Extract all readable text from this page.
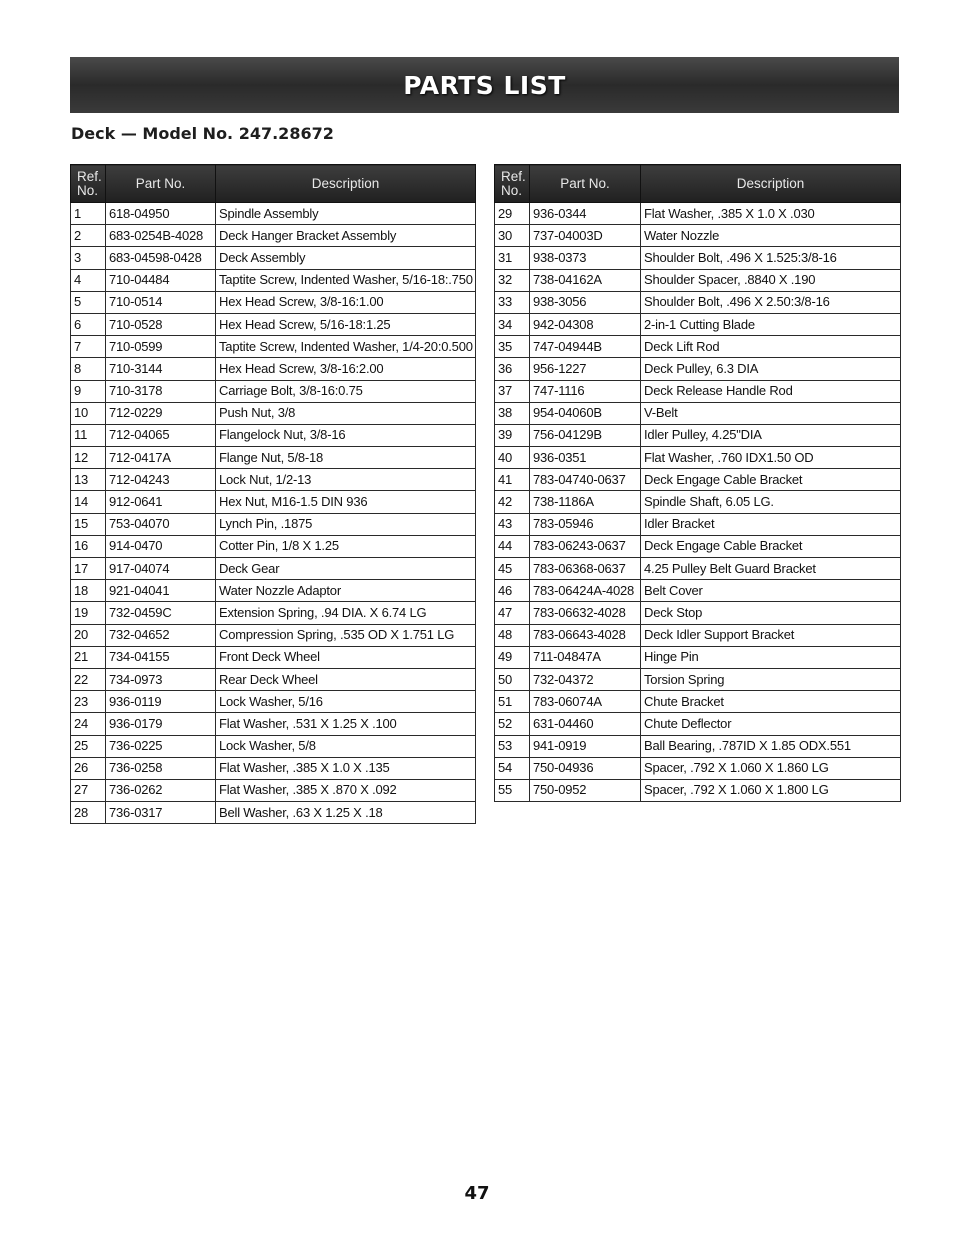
PARTS LIST
Deck — Model No. 247.28672
Ref. No.	Part No.	Description
1	618-04950	Spindle Assembly
2	683-0254B-4028	Deck Hanger Bracket Assembly
3	683-04598-0428	Deck Assembly
4	710-04484	Taptite Screw, Indented Washer, 5/16-18:.750
5	710-0514	Hex Head Screw, 3/8-16:1.00
6	710-0528	Hex Head Screw, 5/16-18:1.25
7	710-0599	Taptite Screw, Indented Washer, 1/4-20:0.500
8	710-3144	Hex Head Screw, 3/8-16:2.00
9	710-3178	Carriage Bolt, 3/8-16:0.75
10	712-0229	Push Nut, 3/8
11	712-04065	Flangelock Nut, 3/8-16
12	712-0417A	Flange Nut, 5/8-18
13	712-04243	Lock Nut, 1/2-13
14	912-0641	Hex Nut, M16-1.5 DIN 936
15	753-04070	Lynch Pin, .1875
16	914-0470	Cotter Pin, 1/8 X 1.25
17	917-04074	Deck Gear
18	921-04041	Water Nozzle Adaptor
19	732-0459C	Extension Spring, .94 DIA. X 6.74 LG
20	732-04652	Compression Spring, .535 OD X 1.751 LG
21	734-04155	Front Deck Wheel
22	734-0973	Rear Deck Wheel
23	936-0119	Lock Washer, 5/16
24	936-0179	Flat Washer, .531 X 1.25 X .100
25	736-0225	Lock Washer, 5/8
26	736-0258	Flat Washer, .385 X 1.0 X .135
27	736-0262	Flat Washer, .385 X .870 X .092
28	736-0317	Bell Washer, .63 X 1.25 X .18
Ref. No.	Part No.	Description
29	936-0344	Flat Washer, .385 X 1.0 X .030
30	737-04003D	Water Nozzle
31	938-0373	Shoulder Bolt, .496 X 1.525:3/8-16
32	738-04162A	Shoulder Spacer, .8840 X .190
33	938-3056	Shoulder Bolt, .496 X 2.50:3/8-16
34	942-04308	2-in-1 Cutting Blade
35	747-04944B	Deck Lift Rod
36	956-1227	Deck Pulley, 6.3 DIA
37	747-1116	Deck Release Handle Rod
38	954-04060B	V-Belt
39	756-04129B	Idler Pulley, 4.25"DIA
40	936-0351	Flat Washer, .760 IDX1.50 OD
41	783-04740-0637	Deck Engage Cable Bracket
42	738-1186A	Spindle Shaft, 6.05 LG.
43	783-05946	Idler Bracket
44	783-06243-0637	Deck Engage Cable Bracket
45	783-06368-0637	4.25 Pulley Belt Guard Bracket
46	783-06424A-4028	Belt Cover
47	783-06632-4028	Deck Stop
48	783-06643-4028	Deck Idler Support Bracket
49	711-04847A	Hinge Pin
50	732-04372	Torsion Spring
51	783-06074A	Chute Bracket
52	631-04460	Chute Deflector
53	941-0919	Ball Bearing, .787ID X 1.85 ODX.551
54	750-04936	Spacer, .792 X 1.060 X 1.860 LG
55	750-0952	Spacer, .792 X 1.060 X 1.800 LG
47
